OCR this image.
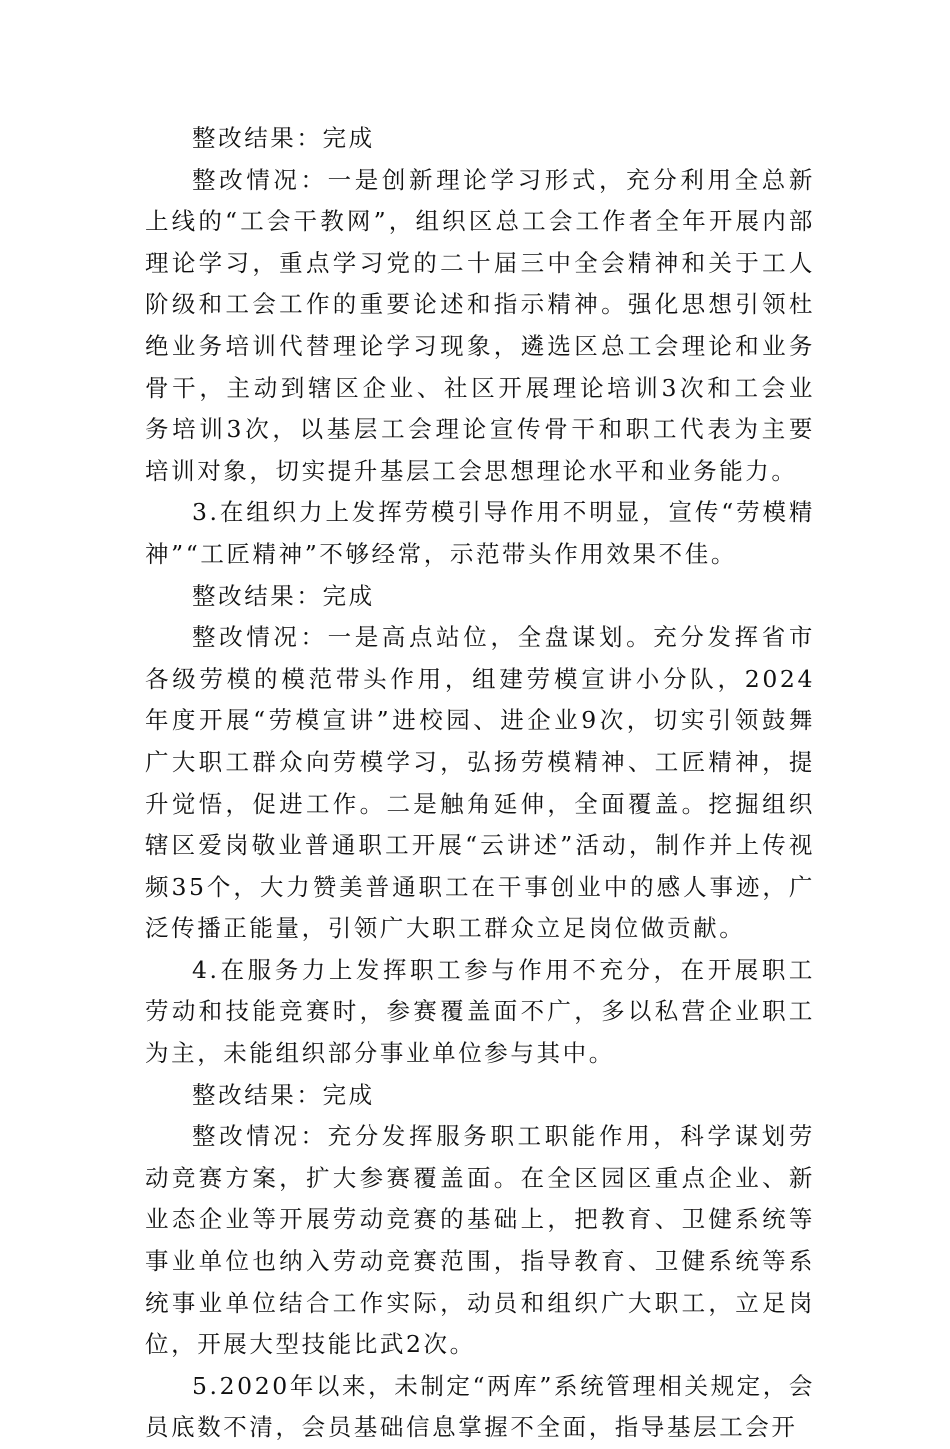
整改结果：完成

整改情况：一是创新理论学习形式，充分利用全总新上线的“工会干教网”，组织区总工会工作者全年开展内部理论学习，重点学习党的二十届三中全会精神和关于工人阶级和工会工作的重要论述和指示精神。强化思想引领杜绝业务培训代替理论学习现象，遴选区总工会理论和业务骨干，主动到辖区企业、社区开展理论培训3次和工会业务培训3次，以基层工会理论宣传骨干和职工代表为主要培训对象，切实提升基层工会思想理论水平和业务能力。

3.在组织力上发挥劳模引导作用不明显，宣传“劳模精神”“工匠精神”不够经常，示范带头作用效果不佳。

整改结果：完成

整改情况：一是高点站位，全盘谋划。充分发挥省市各级劳模的模范带头作用，组建劳模宣讲小分队，2024年度开展“劳模宣讲”进校园、进企业9次，切实引领鼓舞广大职工群众向劳模学习，弘扬劳模精神、工匠精神，提升觉悟，促进工作。二是触角延伸，全面覆盖。挖掘组织辖区爱岗敬业普通职工开展“云讲述”活动，制作并上传视频35个，大力赞美普通职工在干事创业中的感人事迹，广泛传播正能量，引领广大职工群众立足岗位做贡献。

4.在服务力上发挥职工参与作用不充分，在开展职工劳动和技能竞赛时，参赛覆盖面不广，多以私营企业职工为主，未能组织部分事业单位参与其中。

整改结果：完成

整改情况：充分发挥服务职工职能作用，科学谋划劳动竞赛方案，扩大参赛覆盖面。在全区园区重点企业、新业态企业等开展劳动竞赛的基础上，把教育、卫健系统等事业单位也纳入劳动竞赛范围，指导教育、卫健系统等系统事业单位结合工作实际，动员和组织广大职工，立足岗位，开展大型技能比武2次。

5.2020年以来，未制定“两库”系统管理相关规定，会员底数不清，会员基础信息掌握不全面，指导基层工会开
